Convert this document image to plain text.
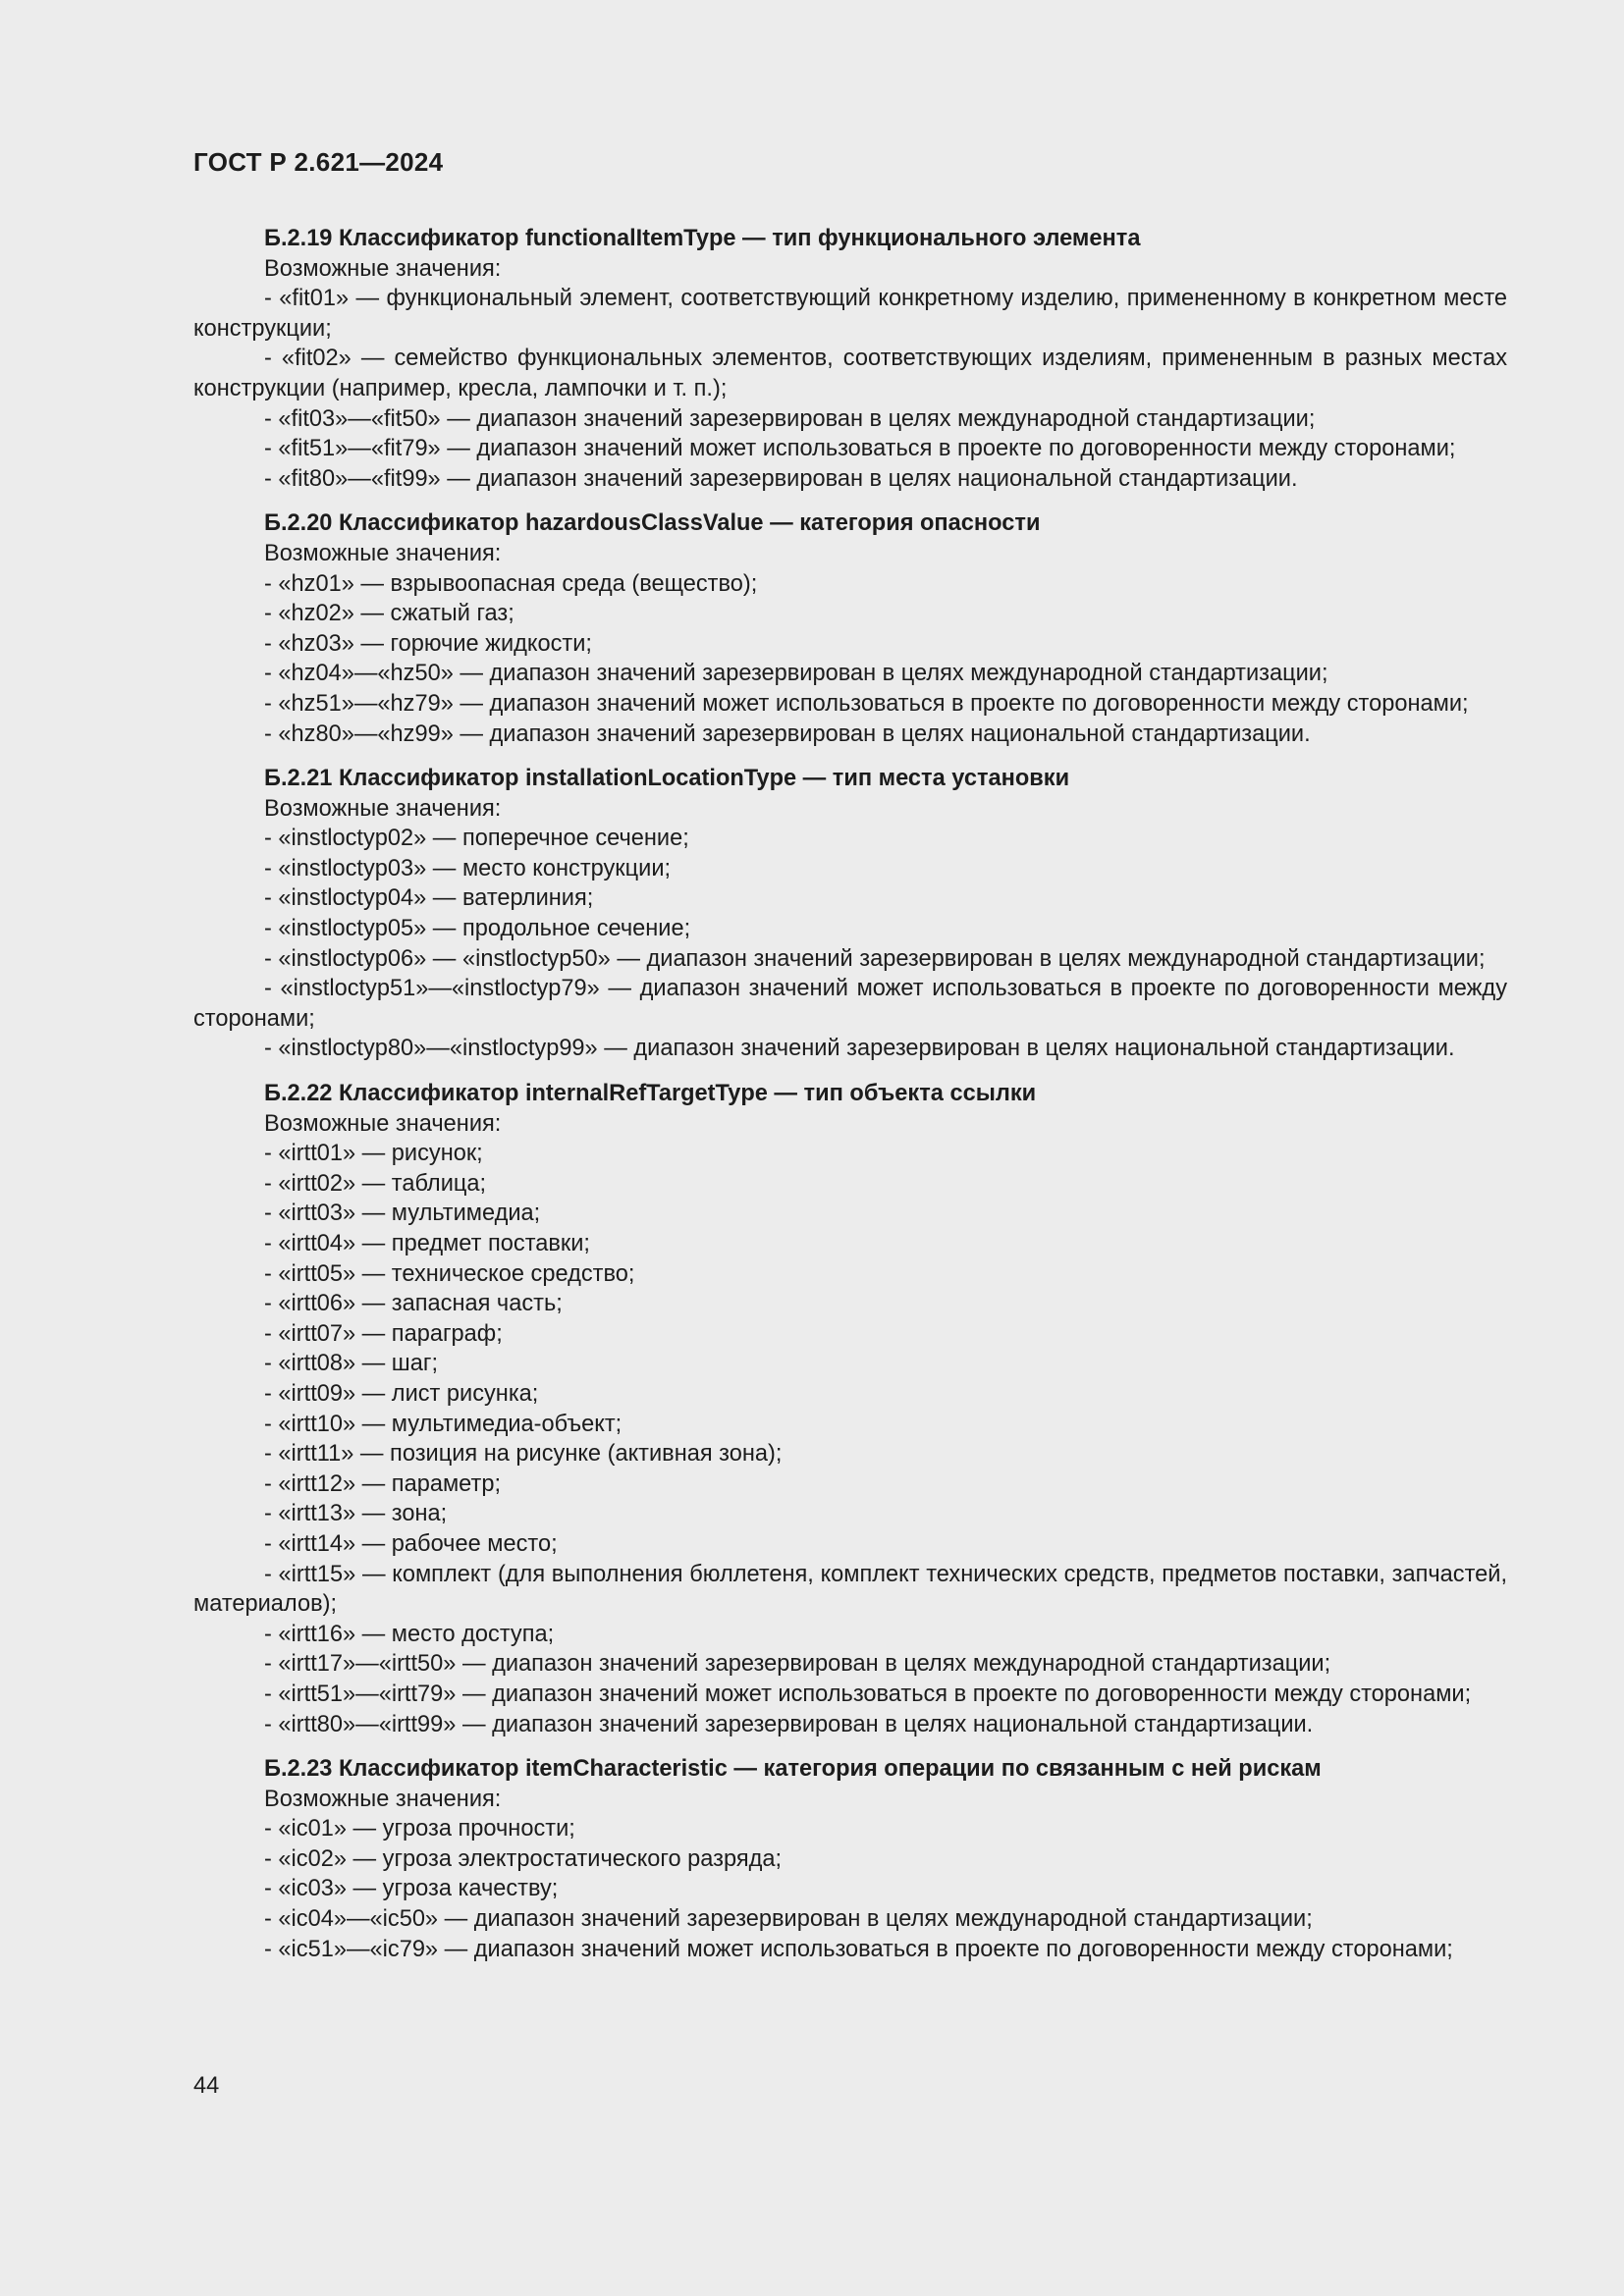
ГОСТ Р 2.621—2024
Б.2.19 Классификатор functionalItemType — тип функционального элемента
Возможные значения:
- «fit01» — функциональный элемент, соответствующий конкретному изделию, примененному в конкретном месте конструкции;
- «fit02» — семейство функциональных элементов, соответствующих изделиям, примененным в разных местах конструкции (например, кресла, лампочки и т. п.);
- «fit03»—«fit50» — диапазон значений зарезервирован в целях международной стандартизации;
- «fit51»—«fit79» — диапазон значений может использоваться в проекте по договоренности между сторонами;
- «fit80»—«fit99» — диапазон значений зарезервирован в целях национальной стандартизации.
Б.2.20 Классификатор hazardousClassValue — категория опасности
Возможные значения:
- «hz01» — взрывоопасная среда (вещество);
- «hz02» — сжатый газ;
- «hz03» — горючие жидкости;
- «hz04»—«hz50» — диапазон значений зарезервирован в целях международной стандартизации;
- «hz51»—«hz79» — диапазон значений может использоваться в проекте по договоренности между сторонами;
- «hz80»—«hz99» — диапазон значений зарезервирован в целях национальной стандартизации.
Б.2.21 Классификатор installationLocationType — тип места установки
Возможные значения:
- «instloctyp02» — поперечное сечение;
- «instloctyp03» — место конструкции;
- «instloctyp04» — ватерлиния;
- «instloctyp05» — продольное сечение;
- «instloctyp06» — «instloctyp50» — диапазон значений зарезервирован в целях международной стандартизации;
- «instloctyp51»—«instloctyp79» — диапазон значений может использоваться в проекте по договоренности между сторонами;
- «instloctyp80»—«instloctyp99» — диапазон значений зарезервирован в целях национальной стандартизации.
Б.2.22 Классификатор internalRefTargetType — тип объекта ссылки
Возможные значения:
- «irtt01» — рисунок;
- «irtt02» — таблица;
- «irtt03» — мультимедиа;
- «irtt04» — предмет поставки;
- «irtt05» — техническое средство;
- «irtt06» — запасная часть;
- «irtt07» — параграф;
- «irtt08» — шаг;
- «irtt09» — лист рисунка;
- «irtt10» — мультимедиа-объект;
- «irtt11» — позиция на рисунке (активная зона);
- «irtt12» — параметр;
- «irtt13» — зона;
- «irtt14» — рабочее место;
- «irtt15» — комплект (для выполнения бюллетеня, комплект технических средств, предметов поставки, запчастей, материалов);
- «irtt16» — место доступа;
- «irtt17»—«irtt50» — диапазон значений зарезервирован в целях международной стандартизации;
- «irtt51»—«irtt79» — диапазон значений может использоваться в проекте по договоренности между сторонами;
- «irtt80»—«irtt99» — диапазон значений зарезервирован в целях национальной стандартизации.
Б.2.23 Классификатор itemCharacteristic — категория операции по связанным с ней рискам
Возможные значения:
- «ic01» — угроза прочности;
- «ic02» — угроза электростатического разряда;
- «ic03» — угроза качеству;
- «ic04»—«ic50» — диапазон значений зарезервирован в целях международной стандартизации;
- «ic51»—«ic79» — диапазон значений может использоваться в проекте по договоренности между сторонами;
44
